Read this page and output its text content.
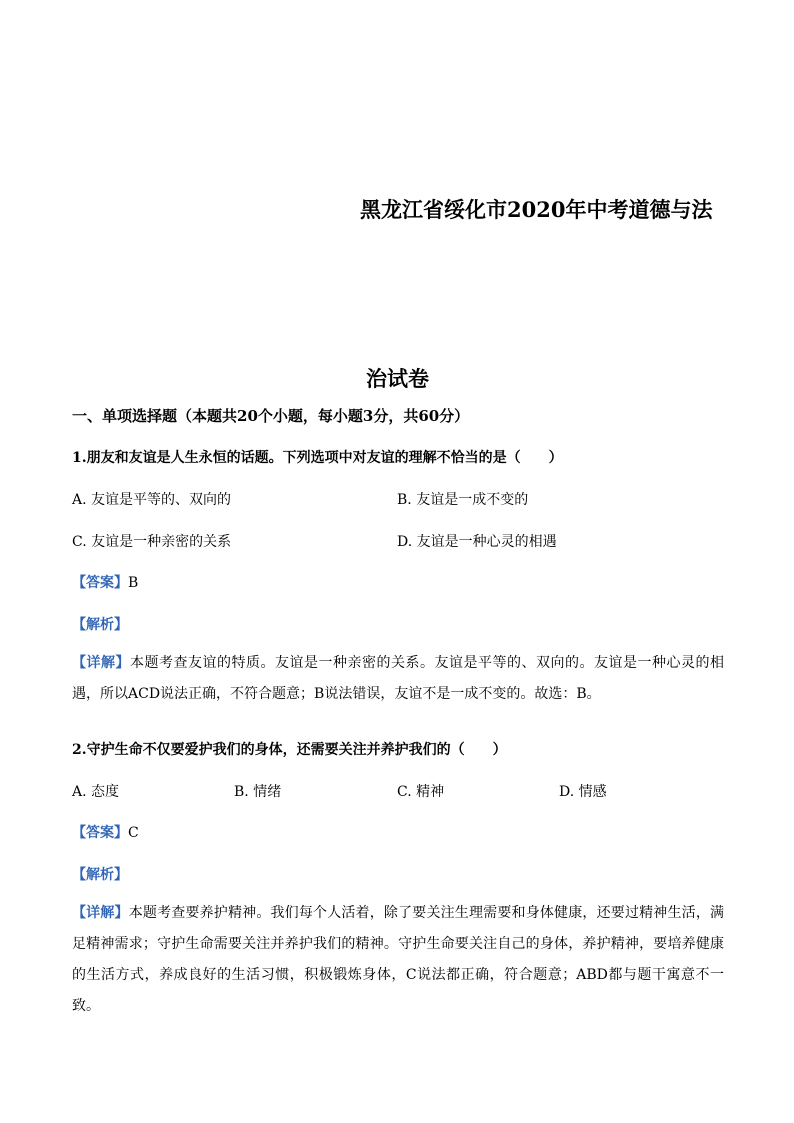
黑龙江省绥化市2020年中考道德与法
治试卷
一、单项选择题（本题共20个小题，每小题3分，共60分）
1.朋友和友谊是人生永恒的话题。下列选项中对友谊的理解不恰当的是（　　）
A. 友谊是平等的、双向的	B. 友谊是一成不变的
C. 友谊是一种亲密的关系	D. 友谊是一种心灵的相遇
【答案】B
【解析】
【详解】本题考查友谊的特质。友谊是一种亲密的关系。友谊是平等的、双向的。友谊是一种心灵的相遇，所以ACD说法正确，不符合题意；B说法错误，友谊不是一成不变的。故选：B。
2.守护生命不仅要爱护我们的身体，还需要关注并养护我们的（　　）
A. 态度	B. 情绪	C. 精神	D. 情感
【答案】C
【解析】
【详解】本题考查要养护精神。我们每个人活着，除了要关注生理需要和身体健康，还要过精神生活，满足精神需求；守护生命需要关注并养护我们的精神。守护生命要关注自己的身体，养护精神，要培养健康的生活方式，养成良好的生活习惯，积极锻炼身体，C说法都正确，符合题意；ABD都与题干寓意不一致。
